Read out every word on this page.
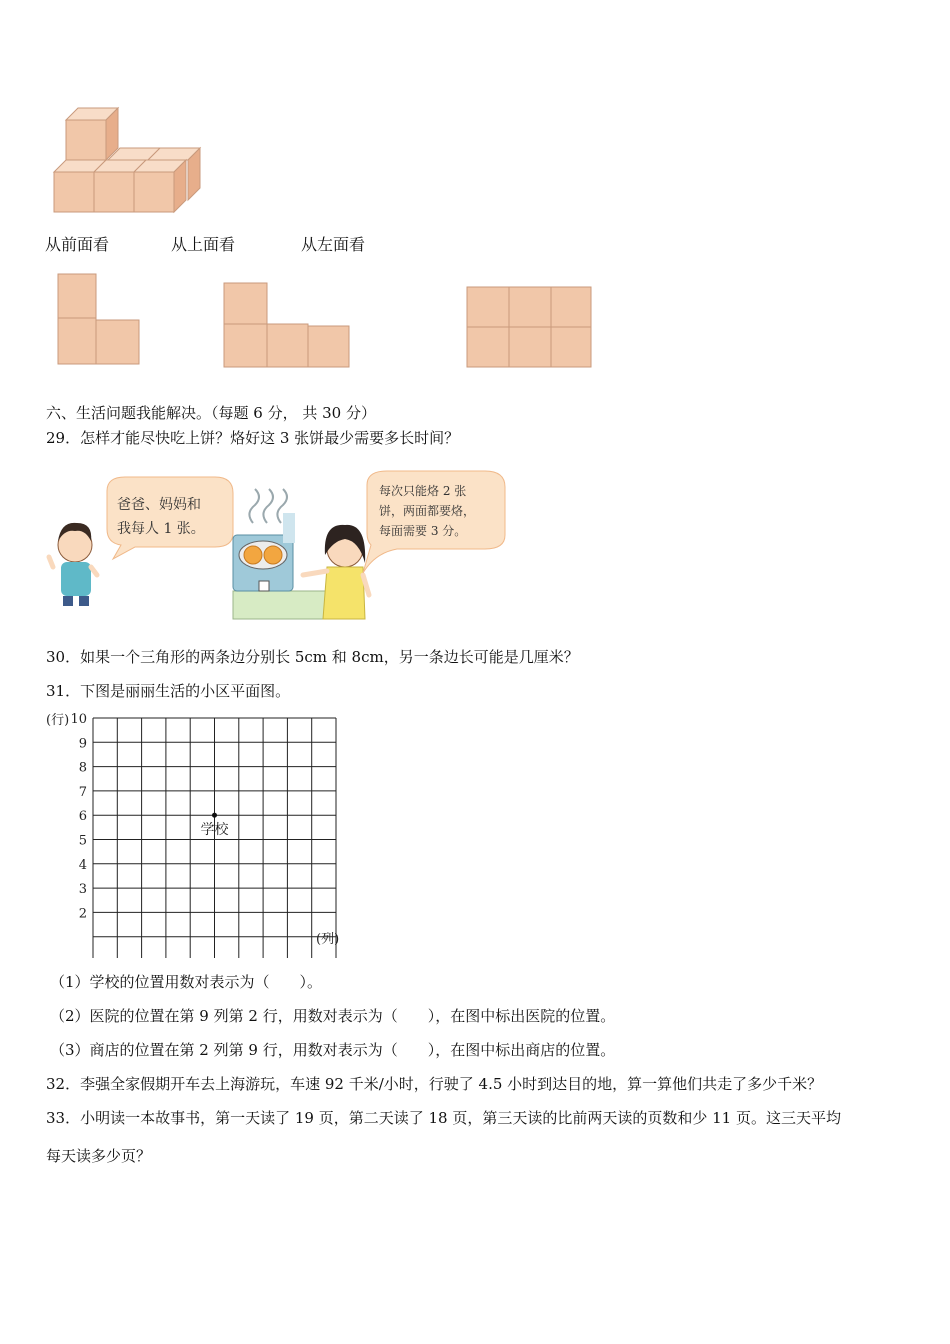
从前面看	从上面看	从左面看
六、生活问题我能解决。（每题 6 分， 共 30 分）
29．怎样才能尽快吃上饼？烙好这 3 张饼最少需要多长时间？
爸爸、妈妈和
我每人 1 张。
每次只能烙 2 张
饼，两面都要烙，
每面需要 3 分。
30．如果一个三角形的两条边分别长 5cm 和 8cm，另一条边长可能是几厘米？
31．下图是丽丽生活的小区平面图。
2
3
4
5
6
7
8
9
10
学校
(行)
(列)
（1）学校的位置用数对表示为（　　）。
（2）医院的位置在第 9 列第 2 行，用数对表示为（　　），在图中标出医院的位置。
（3）商店的位置在第 2 列第 9 行，用数对表示为（　　），在图中标出商店的位置。
32．李强全家假期开车去上海游玩，车速 92 千米/小时，行驶了 4.5 小时到达目的地，算一算他们共走了多少千米？
33．小明读一本故事书，第一天读了 19 页，第二天读了 18 页，第三天读的比前两天读的页数和少 11 页。这三天平均
每天读多少页？
